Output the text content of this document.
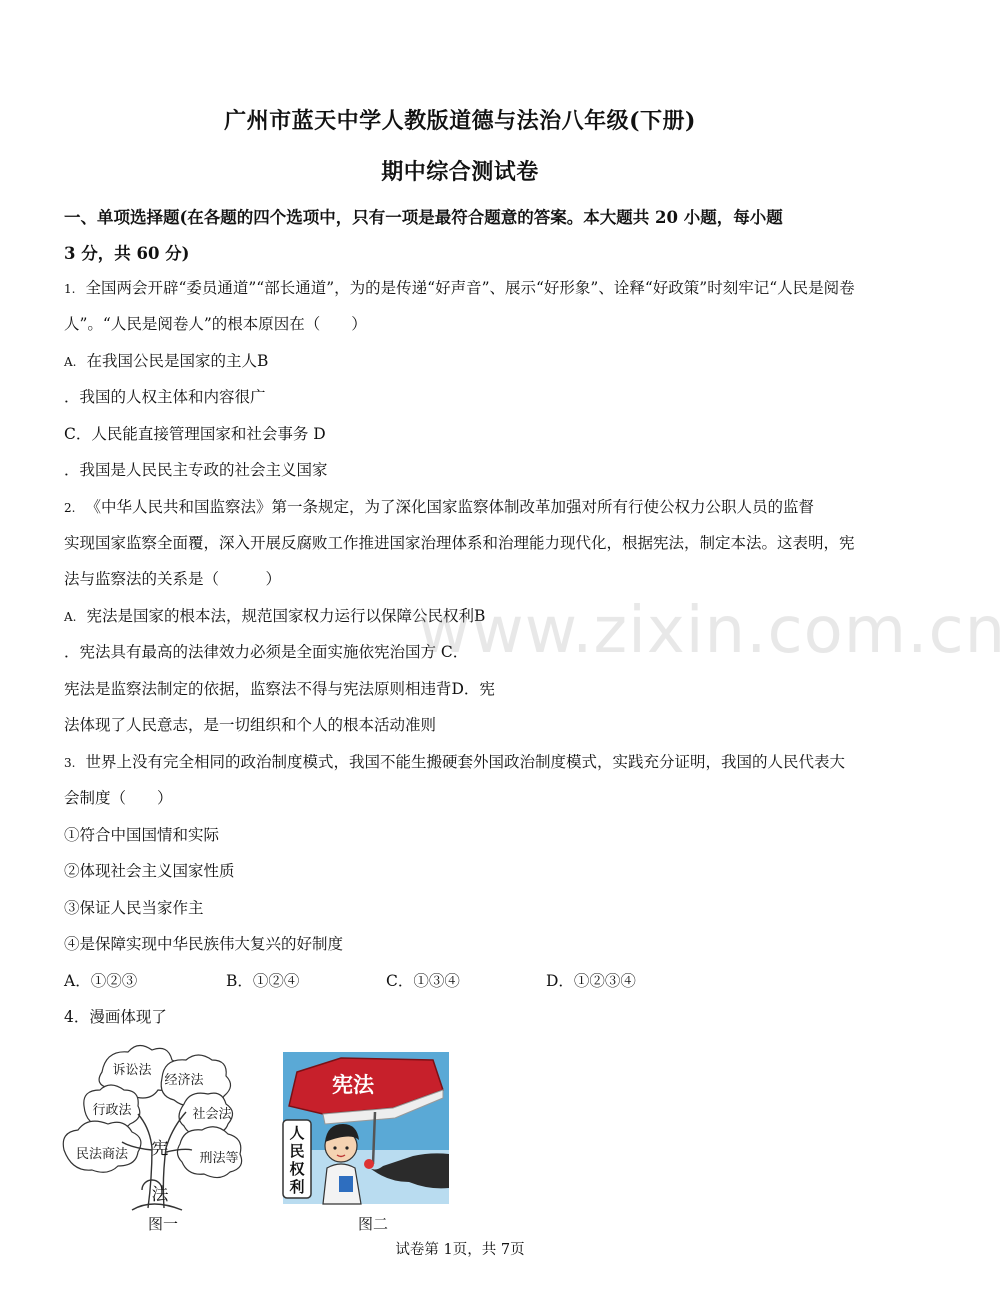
广州市蓝天中学人教版道德与法治八年级(下册)
期中综合测试卷
一、单项选择题(在各题的四个选项中，只有一项是最符合题意的答案。本大题共 20 小题，每小题
3 分，共 60 分)
1. 全国两会开辟“委员通道”“部长通道”，为的是传递“好声音”、展示“好形象”、诠释“好政策”时刻牢记“人民是阅卷
人”。“人民是阅卷人”的根本原因在（　　）
A. 在我国公民是国家的主人B
．我国的人权主体和内容很广
C．人民能直接管理国家和社会事务 D
．我国是人民民主专政的社会主义国家
2. 《中华人民共和国监察法》第一条规定，为了深化国家监察体制改革加强对所有行使公权力公职人员的监督
实现国家监察全面覆，深入开展反腐败工作推进国家治理体系和治理能力现代化，根据宪法，制定本法。这表明，宪
法与监察法的关系是（　　　）
A. 宪法是国家的根本法，规范国家权力运行以保障公民权利B
．宪法具有最高的法律效力必须是全面实施依宪治国方 C．
宪法是监察法制定的依据，监察法不得与宪法原则相违背D．宪
法体现了人民意志，是一切组织和个人的根本活动准则
3. 世界上没有完全相同的政治制度模式，我国不能生搬硬套外国政治制度模式，实践充分证明，我国的人民代表大
会制度（　　）
①符合中国国情和实际
②体现社会主义国家性质
③保证人民当家作主
④是保障实现中华民族伟大复兴的好制度
A．①②③	B．①②④	C．①③④	D．①②③④
4．漫画体现了
www.zixin.com.cn
诉讼法
经济法
行政法	社会法
民法商法	刑法等
宪
法
宪法
人
民
权
利
图一	图二
试卷第 1页，共 7页
